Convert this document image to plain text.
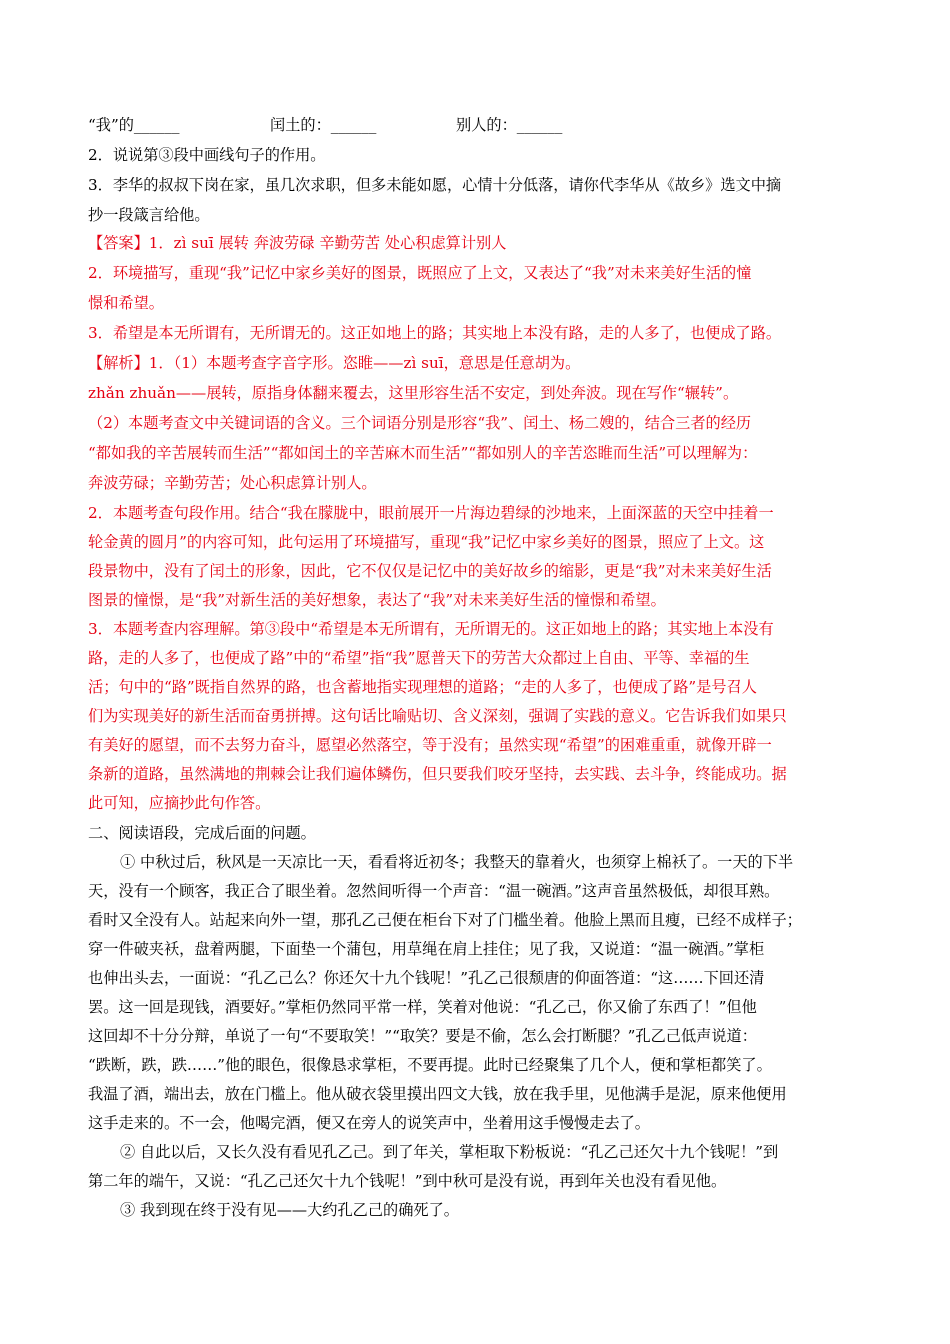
“我”的______	闰土的：______	别人的：______
2．说说第③段中画线句子的作用。
3．李华的叔叔下岗在家，虽几次求职，但多未能如愿，心情十分低落，请你代李华从《故乡》选文中摘
抄一段箴言给他。
【答案】1．zì suī 展转 奔波劳碌 辛勤劳苦 处心积虑算计别人
2．环境描写，重现“我”记忆中家乡美好的图景，既照应了上文，又表达了“我”对未来美好生活的憧
憬和希望。
3．希望是本无所谓有，无所谓无的。这正如地上的路；其实地上本没有路，走的人多了，也便成了路。
【解析】1．（1）本题考查字音字形。恣睢——zì suī，意思是任意胡为。
zhǎn zhuǎn——展转，原指身体翻来覆去，这里形容生活不安定，到处奔波。现在写作“辗转”。
（2）本题考查文中关键词语的含义。三个词语分别是形容“我”、闰土、杨二嫂的，结合三者的经历
“都如我的辛苦展转而生活”“都如闰土的辛苦麻木而生活”“都如别人的辛苦恣睢而生活”可以理解为：
奔波劳碌；辛勤劳苦；处心积虑算计别人。
2．本题考查句段作用。结合“我在朦胧中，眼前展开一片海边碧绿的沙地来，上面深蓝的天空中挂着一
轮金黄的圆月”的内容可知，此句运用了环境描写，重现“我”记忆中家乡美好的图景，照应了上文。这
段景物中，没有了闰土的形象，因此，它不仅仅是记忆中的美好故乡的缩影，更是“我”对未来美好生活
图景的憧憬，是“我”对新生活的美好想象，表达了“我”对未来美好生活的憧憬和希望。
3．本题考查内容理解。第③段中“希望是本无所谓有，无所谓无的。这正如地上的路；其实地上本没有
路，走的人多了，也便成了路”中的“希望”指“我”愿普天下的劳苦大众都过上自由、平等、幸福的生
活；句中的“路”既指自然界的路，也含蓄地指实现理想的道路；“走的人多了，也便成了路”是号召人
们为实现美好的新生活而奋勇拼搏。这句话比喻贴切、含义深刻，强调了实践的意义。它告诉我们如果只
有美好的愿望，而不去努力奋斗，愿望必然落空，等于没有；虽然实现“希望”的困难重重，就像开辟一
条新的道路，虽然满地的荆棘会让我们遍体鳞伤，但只要我们咬牙坚持，去实践、去斗争，终能成功。据
此可知，应摘抄此句作答。
二、阅读语段，完成后面的问题。
① 中秋过后，秋风是一天凉比一天，看看将近初冬；我整天的靠着火，也须穿上棉袄了。一天的下半
天，没有一个顾客，我正合了眼坐着。忽然间听得一个声音：“温一碗酒。”这声音虽然极低，却很耳熟。
看时又全没有人。站起来向外一望，那孔乙己便在柜台下对了门槛坐着。他脸上黑而且瘦，已经不成样子；
穿一件破夹袄，盘着两腿，下面垫一个蒲包，用草绳在肩上挂住；见了我，又说道：“温一碗酒。”掌柜
也伸出头去，一面说：“孔乙己么？你还欠十九个钱呢！”孔乙己很颓唐的仰面答道：“这……下回还清
罢。这一回是现钱，酒要好。”掌柜仍然同平常一样，笑着对他说：“孔乙己，你又偷了东西了！”但他
这回却不十分分辩，单说了一句“不要取笑！”“取笑？要是不偷，怎么会打断腿？”孔乙己低声说道：
“跌断，跌，跌……”他的眼色，很像恳求掌柜，不要再提。此时已经聚集了几个人，便和掌柜都笑了。
我温了酒，端出去，放在门槛上。他从破衣袋里摸出四文大钱，放在我手里，见他满手是泥，原来他便用
这手走来的。不一会，他喝完酒，便又在旁人的说笑声中，坐着用这手慢慢走去了。
② 自此以后，又长久没有看见孔乙己。到了年关，掌柜取下粉板说：“孔乙己还欠十九个钱呢！”到
第二年的端午，又说：“孔乙己还欠十九个钱呢！”到中秋可是没有说，再到年关也没有看见他。
③ 我到现在终于没有见——大约孔乙己的确死了。
